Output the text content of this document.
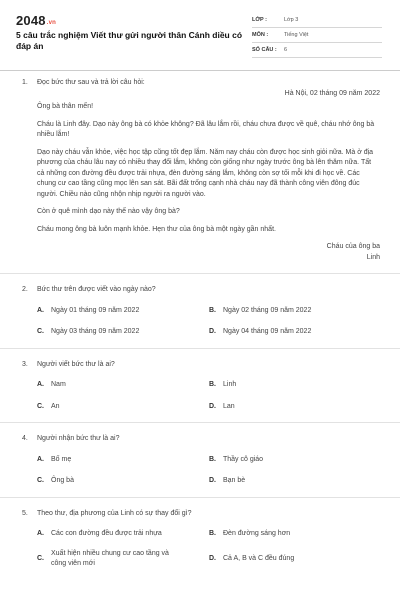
2048.vn
5 câu trắc nghiệm Viết thư gửi người thân Cánh diều có đáp án
LỚP :	Lớp 3
MÔN :	Tiếng Việt
SỐ CÂU :	6
1. Đọc bức thư sau và trả lời câu hỏi:
Hà Nội, 02 tháng 09 năm 2022
Ông bà thân mến!
Cháu là Linh đây. Dạo này ông bà có khỏe không? Đã lâu lắm rồi, cháu chưa được về quê, cháu nhớ ông bà nhiều lắm!
Dạo này cháu vẫn khỏe, việc học tập cũng tốt đẹp lắm. Năm nay cháu còn được học sinh giỏi nữa. Mà ở địa phương của cháu lâu nay có nhiều thay đổi lắm, không còn giống như ngày trước ông bà lên thăm nữa. Tất cả những con đường đều được trải nhựa, đèn đường sáng lắm, không còn sợ tối mỗi khi đi học về. Các chung cư cao tầng cũng mọc lên san sát. Bãi đất trống cạnh nhà cháu nay đã thành công viên đông đúc người. Chiều nào cũng nhộn nhịp người ra người vào.
Còn ở quê mình dạo này thế nào vậy ông bà?
Cháu mong ông bà luôn mạnh khỏe. Hẹn thư của ông bà một ngày gần nhất.
Cháu của ông ba
Linh
2. Bức thư trên được viết vào ngày nào?
A.	Ngày 01 tháng 09 năm 2022	B.	Ngày 02 tháng 09 năm 2022
C.	Ngày 03 tháng 09 năm 2022	D.	Ngày 04 tháng 09 năm 2022
3. Người viết bức thư là ai?
A.	Nam	B.	Linh
C.	An	D.	Lan
4. Người nhận bức thư là ai?
A.	Bố mẹ	B.	Thầy cô giáo
C.	Ông bà	D.	Bạn bè
5. Theo thư, địa phương của Linh có sự thay đổi gì?
A.	Các con đường đều được trải nhựa	B.	Đèn đường sáng hơn
C.
Xuất hiện nhiều chung cư cao tầng và công viên mới
D.	Cả A, B và C đều đúng
